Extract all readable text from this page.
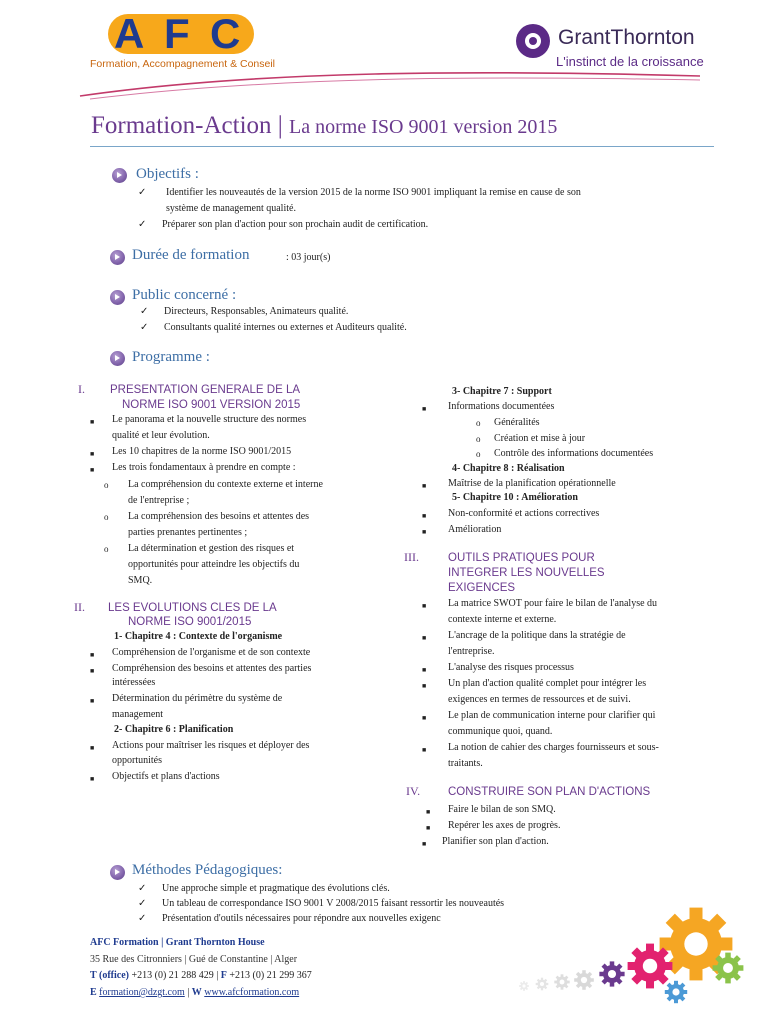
A F C
Formation, Accompagnement & Conseil
GrantThornton
L'instinct de la croissance
Formation-Action | La norme ISO 9001 version 2015
Objectifs :
✓ Identifier les nouveautés de la version 2015 de la norme ISO 9001 impliquant la remise en cause de son
système de management qualité.
✓ Préparer son plan d'action pour son prochain audit de certification.
Durée de formation	: 03 jour(s)
Public concerné :
✓ Directeurs, Responsables, Animateurs qualité.
✓ Consultants qualité internes ou externes et Auditeurs qualité.
Programme :
I. PRESENTATION GENERALE DE LA
NORME ISO 9001 VERSION 2015
■ Le panorama et la nouvelle structure des normes
qualité et leur évolution.
■ Les 10 chapitres de la norme ISO 9001/2015
■ Les trois fondamentaux à prendre en compte :
o La compréhension du contexte externe et interne
de l'entreprise ;
o La compréhension des besoins et attentes des
parties prenantes pertinentes ;
o La détermination et gestion des risques et
opportunités pour atteindre les objectifs du
SMQ.
II. LES EVOLUTIONS CLES DE LA
NORME ISO 9001/2015
1- Chapitre 4 : Contexte de l'organisme
■ Compréhension de l'organisme et de son contexte
■ Compréhension des besoins et attentes des parties
intéressées
■ Détermination du périmètre du système de
management
2- Chapitre 6 : Planification
■ Actions pour maîtriser les risques et déployer des
opportunités
■ Objectifs et plans d'actions
3- Chapitre 7 : Support
■ Informations documentées
o Généralités
o Création et mise à jour
o Contrôle des informations documentées
4- Chapitre 8 : Réalisation
■ Maîtrise de la planification opérationnelle
5- Chapitre 10 : Amélioration
■ Non-conformité et actions correctives
■ Amélioration
III.	OUTILS PRATIQUES POUR
INTEGRER LES NOUVELLES
EXIGENCES
■ La matrice SWOT pour faire le bilan de l'analyse du
contexte interne et externe.
■ L'ancrage de la politique dans la stratégie de
l'entreprise.
■ L'analyse des risques processus
■ Un plan d'action qualité complet pour intégrer les
exigences en termes de ressources et de suivi.
■ Le plan de communication interne pour clarifier qui
communique quoi, quand.
■ La notion de cahier des charges fournisseurs et sous-
traitants.
IV. CONSTRUIRE SON PLAN D'ACTIONS
■ Faire le bilan de son SMQ.
■ Repérer les axes de progrès.
■ Planifier son plan d'action.
Méthodes Pédagogiques:
✓ Une approche simple et pragmatique des évolutions clés.
✓ Un tableau de correspondance ISO 9001 V 2008/2015 faisant ressortir les nouveautés
✓ Présentation d'outils nécessaires pour répondre aux nouvelles exigenc
AFC Formation | Grant Thornton House
35 Rue des Citronniers | Gué de Constantine | Alger
T (office) +213 (0) 21 288 429 | F +213 (0) 21 299 367
E formation@dzgt.com | W www.afcformation.com
